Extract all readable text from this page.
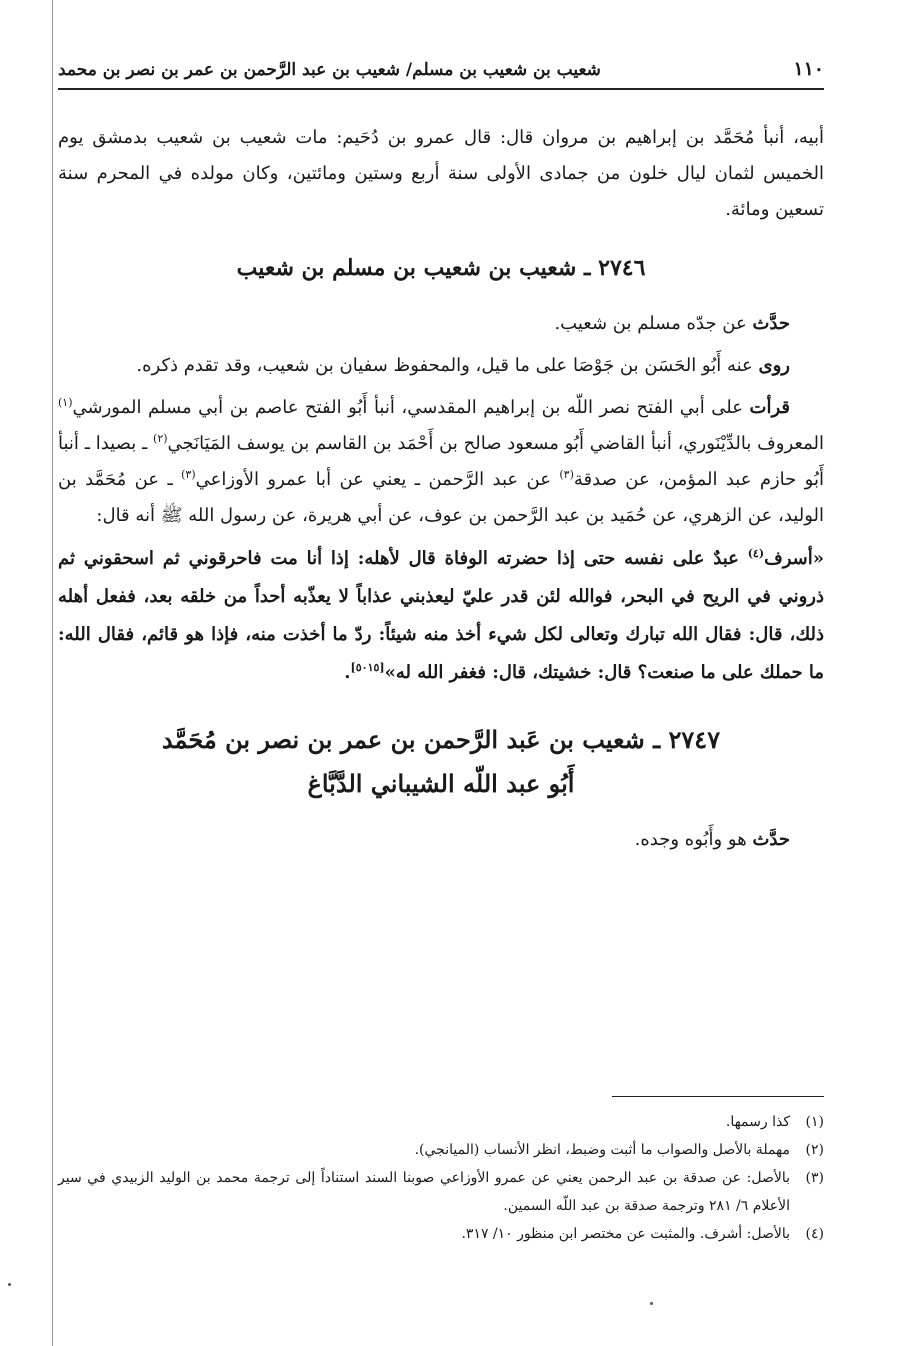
١١٠
شعيب بن شعيب بن مسلم/ شعيب بن عبد الرَّحمن بن عمر بن نصر بن محمد

أبيه، أنبأ مُحَمَّد بن إبراهيم بن مروان قال: قال عمرو بن دُحَيم: مات شعيب بن شعيب بدمشق يوم الخميس لثمان ليال خلون من جمادى الأولى سنة أربع وستين ومائتين، وكان مولده في المحرم سنة تسعين ومائة.

٢٧٤٦ ـ شعيب بن شعيب بن مسلم بن شعيب

حدَّث عن جدّه مسلم بن شعيب.

روى عنه أَبُو الحَسَن بن جَوْصَا على ما قيل، والمحفوظ سفيان بن شعيب، وقد تقدم ذكره.

قرأت على أبي الفتح نصر اللّه بن إبراهيم المقدسي، أنبأ أَبُو الفتح عاصم بن أبي مسلم المورشي$^{(١)}$ المعروف بالدِّيْنَوري، أنبأ القاضي أَبُو مسعود صالح بن أَحْمَد بن القاسم بن يوسف المَيَانَجي$^{(٢)}$ ـ بصيدا ـ أنبأ أَبُو حازم عبد المؤمن، عن صدقة$^{(٣)}$ عن عبد الرَّحمن ـ يعني عن أبا عمرو الأوزاعي$^{(٣)}$ ـ عن مُحَمَّد بن الوليد، عن الزهري، عن حُمَيد بن عبد الرَّحمن بن عوف، عن أبي هريرة، عن رسول الله ﷺ أنه قال:

«أسرف$^{(٤)}$ عبدٌ على نفسه حتى إذا حضرته الوفاة قال لأهله: إذا أنا مت فاحرقوني ثم اسحقوني ثم ذروني في الريح في البحر، فوالله لئن قدر عليّ ليعذبني عذاباً لا يعذّبه أحداً من خلقه بعد، ففعل أهله ذلك، قال: فقال الله تبارك وتعالى لكل شيء أخذ منه شيئاً: ردّ ما أخذت منه، فإذا هو قائم، فقال الله: ما حملك على ما صنعت؟ قال: خشيتك، قال: فغفر الله له»[٥٠١٥].

٢٧٤٧ ـ شعيب بن عَبد الرَّحمن بن عمر بن نصر بن مُحَمَّد
أَبُو عبد اللّه الشيباني الدَّبَّاغ

حدَّث هو وأَبُوه وجده.

(١)
كذا رسمها.
(٢)
مهملة بالأصل والصواب ما أثبت وضبط، انظر الأنساب (الميانجي).
(٣)
بالأصل: عن صدقة بن عبد الرحمن يعني عن عمرو الأوزاعي صوبنا السند استناداً إلى ترجمة محمد بن الوليد الزبيدي في سير الأعلام ٦/ ٢٨١ وترجمة صدقة بن عبد اللّه السمين.
(٤)
بالأصل: أشرف. والمثبت عن مختصر ابن منظور ١٠/ ٣١٧.
